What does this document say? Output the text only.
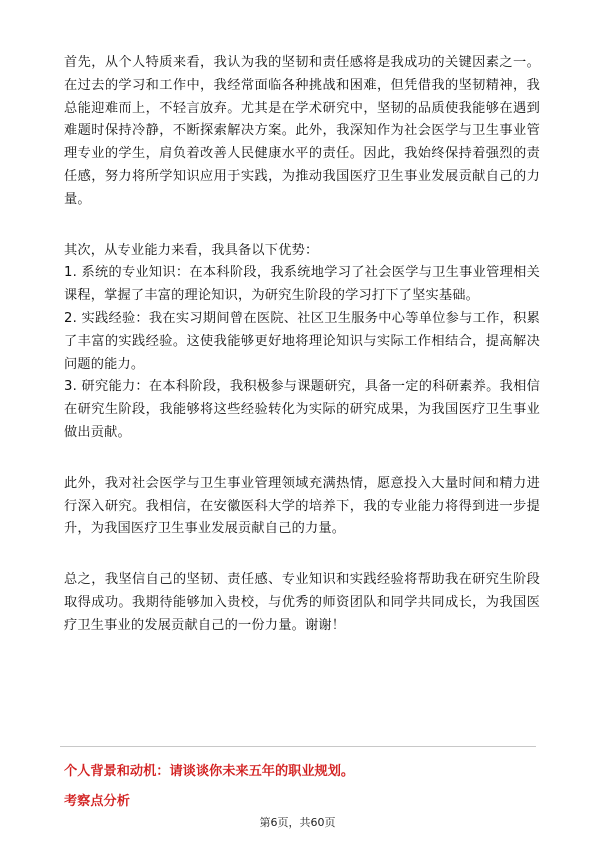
首先，从个人特质来看，我认为我的坚韧和责任感将是我成功的关键因素之一。在过去的学习和工作中，我经常面临各种挑战和困难，但凭借我的坚韧精神，我总能迎难而上，不轻言放弃。尤其是在学术研究中，坚韧的品质使我能够在遇到难题时保持冷静，不断探索解决方案。此外，我深知作为社会医学与卫生事业管理专业的学生，肩负着改善人民健康水平的责任。因此，我始终保持着强烈的责任感，努力将所学知识应用于实践，为推动我国医疗卫生事业发展贡献自己的力量。

其次，从专业能力来看，我具备以下优势：

1. 系统的专业知识：在本科阶段，我系统地学习了社会医学与卫生事业管理相关课程，掌握了丰富的理论知识，为研究生阶段的学习打下了坚实基础。

2. 实践经验：我在实习期间曾在医院、社区卫生服务中心等单位参与工作，积累了丰富的实践经验。这使我能够更好地将理论知识与实际工作相结合，提高解决问题的能力。

3. 研究能力：在本科阶段，我积极参与课题研究，具备一定的科研素养。我相信在研究生阶段，我能够将这些经验转化为实际的研究成果，为我国医疗卫生事业做出贡献。

此外，我对社会医学与卫生事业管理领域充满热情，愿意投入大量时间和精力进行深入研究。我相信，在安徽医科大学的培养下，我的专业能力将得到进一步提升，为我国医疗卫生事业发展贡献自己的力量。

总之，我坚信自己的坚韧、责任感、专业知识和实践经验将帮助我在研究生阶段取得成功。我期待能够加入贵校，与优秀的师资团队和同学共同成长，为我国医疗卫生事业的发展贡献自己的一份力量。谢谢！

个人背景和动机：请谈谈你未来五年的职业规划。

考察点分析

第6页，共60页
